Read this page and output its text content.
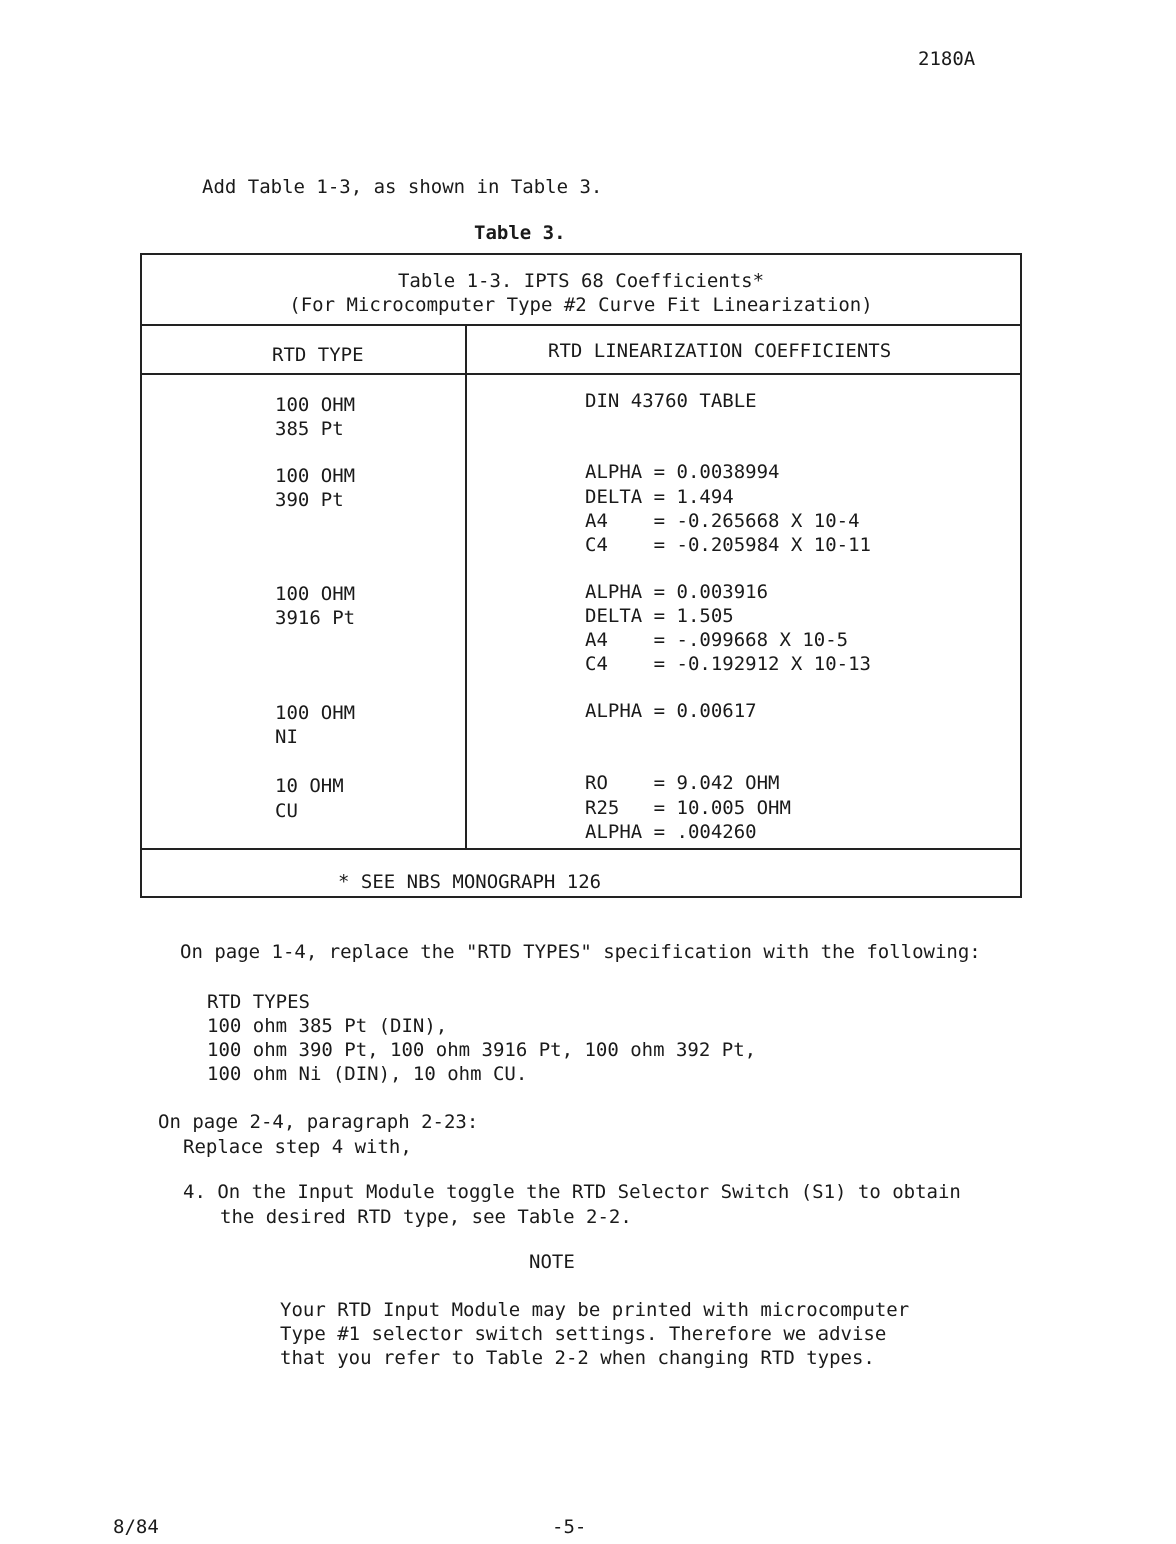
2180A
Add Table 1-3, as shown in Table 3.
Table 3.
Table 1-3. IPTS 68 Coefficients*
(For Microcomputer Type #2 Curve Fit Linearization)
RTD TYPE	RTD LINEARIZATION COEFFICIENTS
100 OHM
385 Pt
DIN 43760 TABLE
100 OHM
390 Pt
ALPHA = 0.0038994
DELTA = 1.494
A4    = -0.265668 X 10-4
C4    = -0.205984 X 10-11
100 OHM
3916 Pt
ALPHA = 0.003916
DELTA = 1.505
A4    = -.099668 X 10-5
C4    = -0.192912 X 10-13
100 OHM
NI
ALPHA = 0.00617
10 OHM
CU
RO    = 9.042 OHM
R25   = 10.005 OHM
ALPHA = .004260
* SEE NBS MONOGRAPH 126
On page 1-4, replace the "RTD TYPES" specification with the following:
RTD TYPES
100 ohm 385 Pt (DIN),
100 ohm 390 Pt, 100 ohm 3916 Pt, 100 ohm 392 Pt,
100 ohm Ni (DIN), 10 ohm CU.
On page 2-4, paragraph 2-23:
Replace step 4 with,
4. On the Input Module toggle the RTD Selector Switch (S1) to obtain
the desired RTD type, see Table 2-2.
NOTE
Your RTD Input Module may be printed with microcomputer
Type #1 selector switch settings. Therefore we advise
that you refer to Table 2-2 when changing RTD types.
8/84	-5-
